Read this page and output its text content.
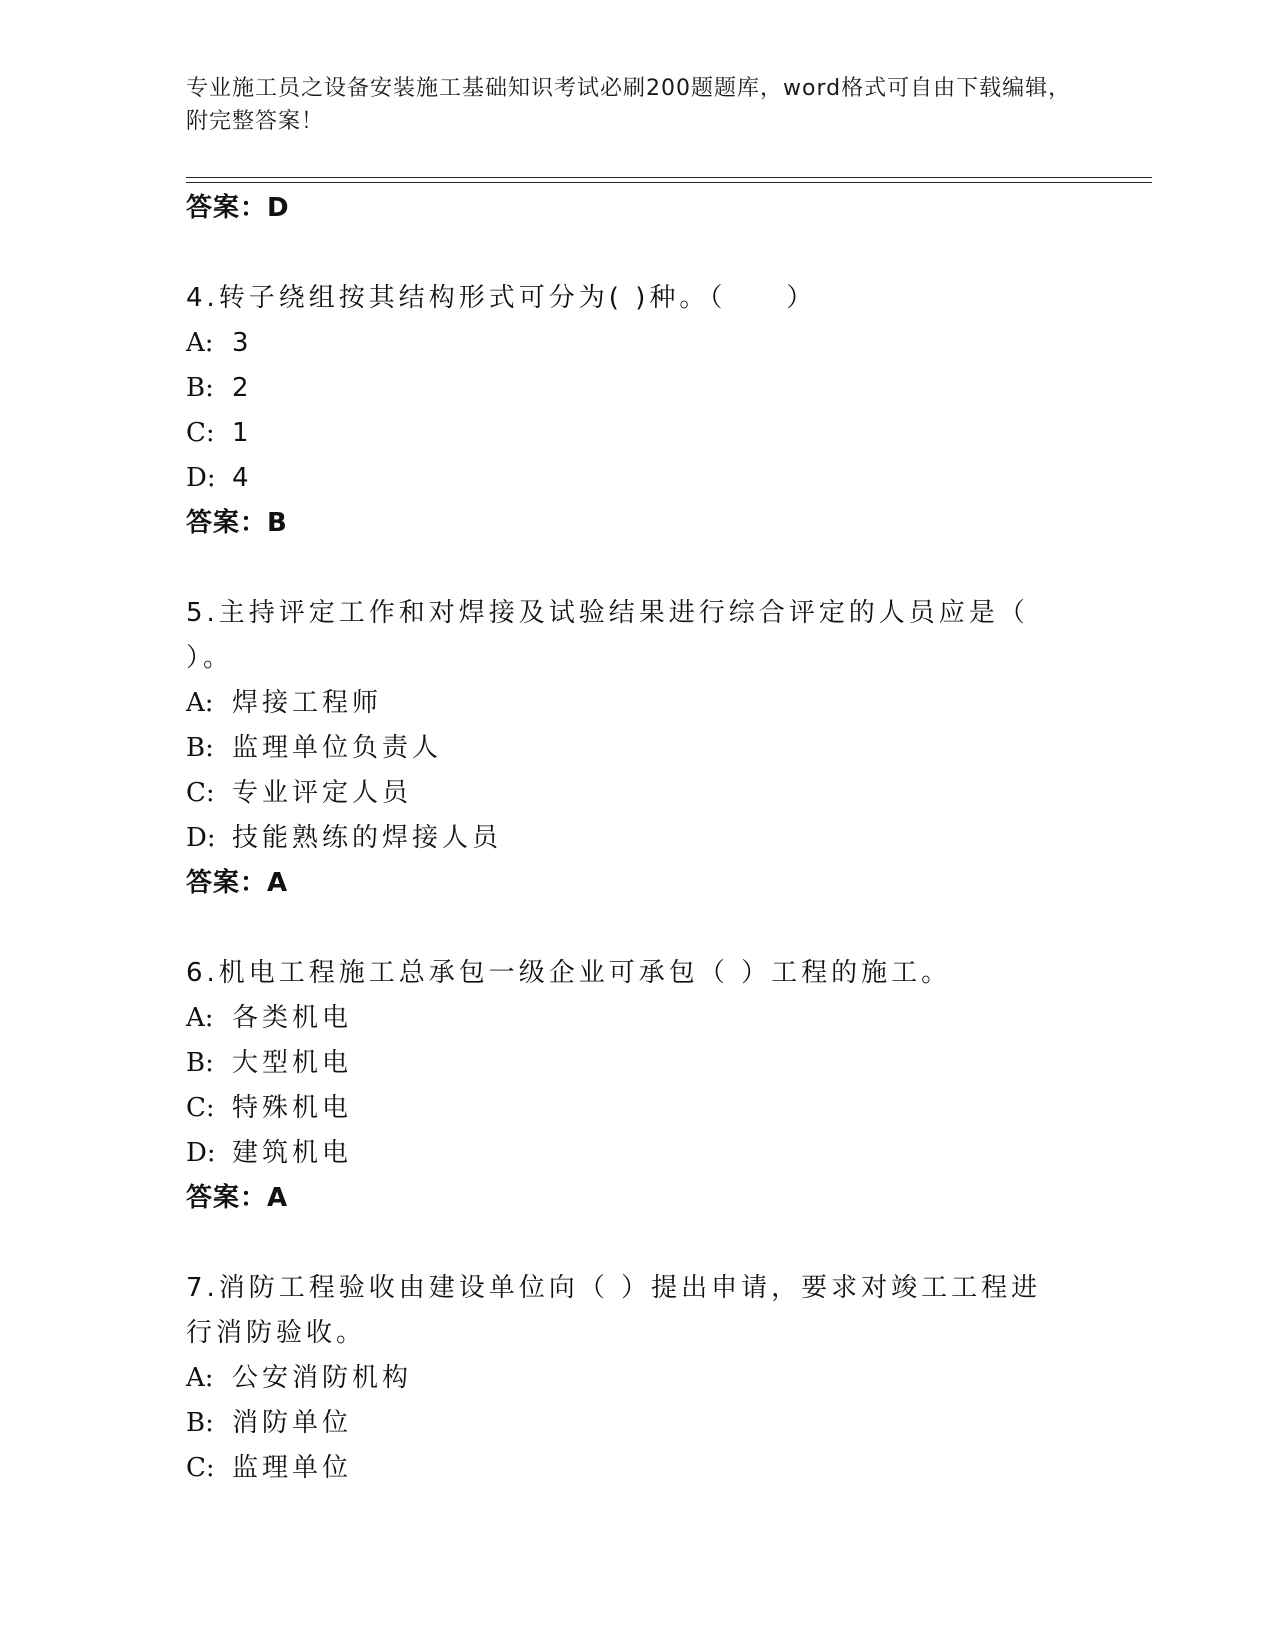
专业施工员之设备安装施工基础知识考试必刷200题题库，word格式可自由下载编辑，附完整答案！
答案：D
4.转子绕组按其结构形式可分为( )种。（　　）
A: 3
B: 2
C: 1
D: 4
答案：B
5.主持评定工作和对焊接及试验结果进行综合评定的人员应是（ ）。
A: 焊接工程师
B: 监理单位负责人
C: 专业评定人员
D: 技能熟练的焊接人员
答案：A
6.机电工程施工总承包一级企业可承包（ ）工程的施工。
A: 各类机电
B: 大型机电
C: 特殊机电
D: 建筑机电
答案：A
7.消防工程验收由建设单位向（ ）提出申请，要求对竣工工程进行消防验收。
A: 公安消防机构
B: 消防单位
C: 监理单位
